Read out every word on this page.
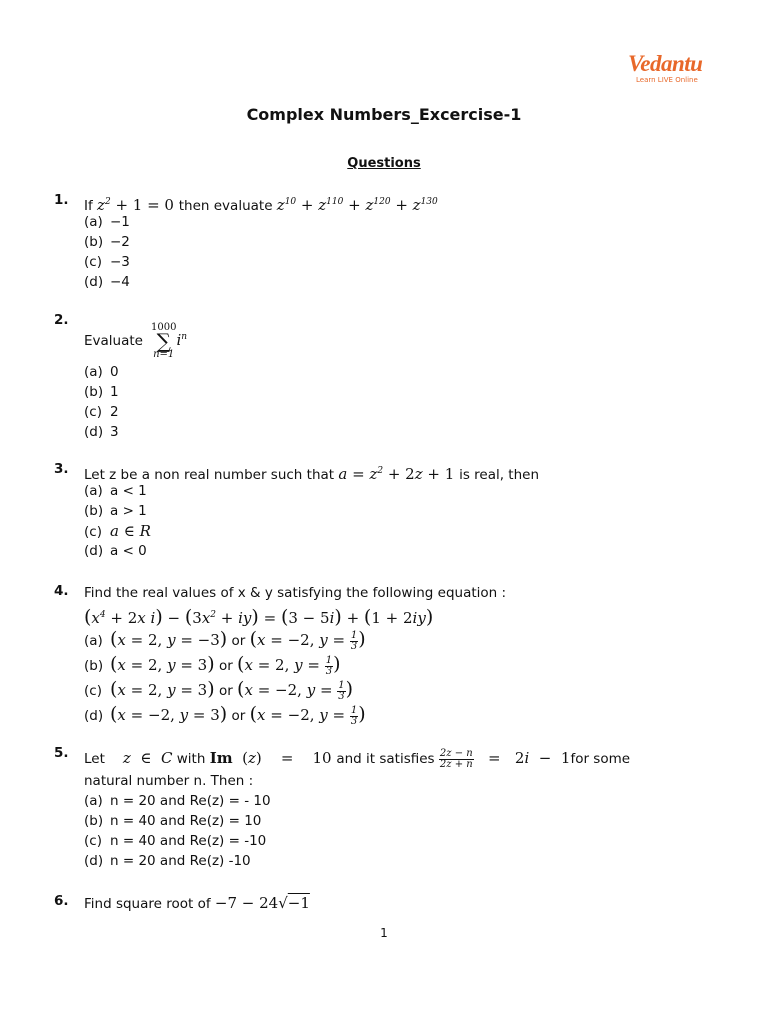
Vedantu
Learn LIVE Online
Complex Numbers_Excercise-1
Questions
1. If $z^2 + 1 = 0$ then evaluate $z^{10} + z^{110} + z^{120} + z^{130}$
(a) −1
(b) −2
(c) −3
(d) −4
2.
Evaluate
1000
∑
n=1
$i^n$
(a) 0
(b) 1
(c) 2
(d) 3
3. Let z be a non real number such that $a = z^2 + 2z + 1$ is real, then
(a) a < 1
(b) a > 1
(c) a ∈ R
(d) a < 0
4. Find the real values of x & y satisfying the following equation :
($x^4 + 2x$ $i) - (3x^2 + iy) = (3 - 5i) + (1 + 2iy)$
(a) (x = 2, y = −3) or (x = −2, $y = \frac{1}{3}$ )
(b) (x = 2, y = 3) or (x = 2, $y = \frac{1}{3}$ )
(c) (x = 2, y = 3) or (x = −2, $y = \frac{1}{3}$ )
(d) (x = −2, y = 3) or (x = −2, $y = \frac{1}{3}$ )
5. Let z  ∈  C with Im  (z)    =    10 and it satisfies $\frac{2z - n}{2z + n} = 2i - 1for$ some
natural number n. Then :
(a) n = 20 and Re(z) = - 10
(b) n = 40 and Re(z) = 10
(c) n = 40 and Re(z) = -10
(d) n = 20 and Re(z) -10
6. Find square root of −7 − 24√−1
1
